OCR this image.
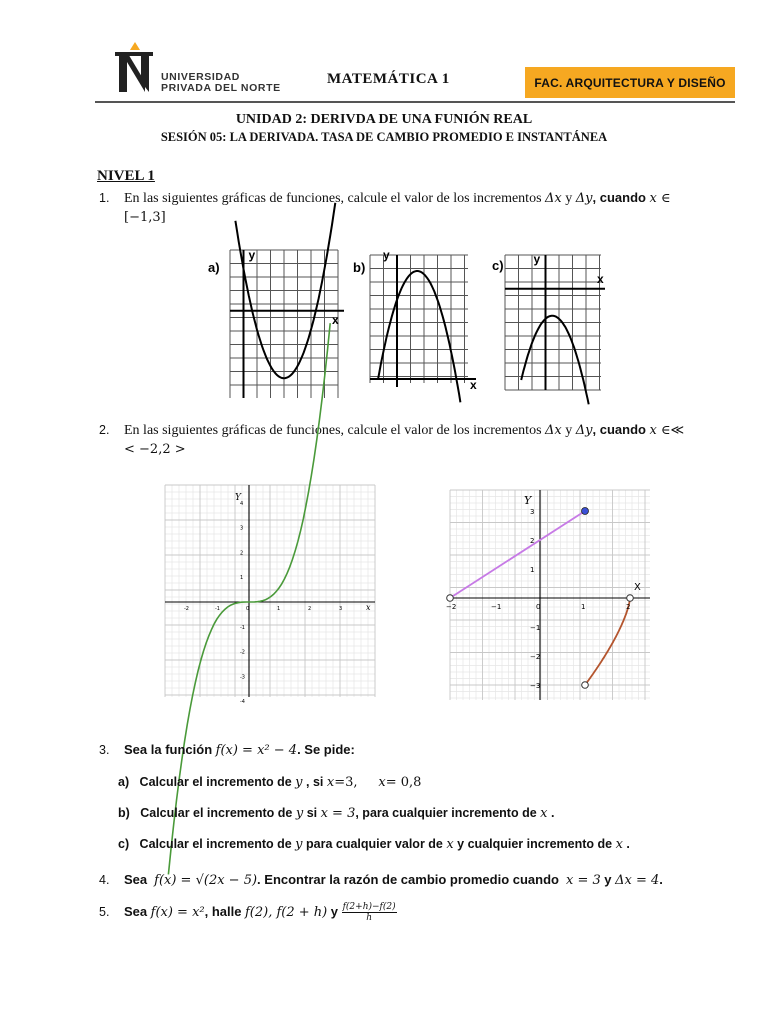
UNIVERSIDAD
PRIVADA DEL NORTE
MATEMÁTICA 1	FAC. ARQUITECTURA Y DISEÑO
UNIDAD 2: DERIVDA DE UNA FUNIÓN REAL
SESIÓN 05: LA DERIVADA. TASA DE CAMBIO PROMEDIO E INSTANTÁNEA
NIVEL 1
1. En las siguientes gráficas de funciones, calcule el valor de los incrementos Δx y Δy, cuando x ∈
[−1,3]
a)
y
x
b)
y
x
c) y
x
2. En las siguientes gráficas de funciones, calcule el valor de los incrementos Δx y Δy, cuando x ∈≪
< −2,2 >
-2	-1	0	1	2	3
4
3
2
1
-1
-2
-3
-4
Y
x	−2	−1	0	1	2
3
2
1
−1
−2
−3
Y
X
3. Sea la función f(x) = x² − 4. Se pide:
a) Calcular el incremento de y , si x=3, x= 0,8
b) Calcular el incremento de y si x = 3, para cualquier incremento de x .
c) Calcular el incremento de y para cualquier valor de x y cualquier incremento de x .
4. Sea f(x) = √(2x − 5). Encontrar la razón de cambio promedio cuando x = 3 y Δx = 4.
5. Sea f(x) = x², halle f(2), f(2 + h) y $\frac{f(2+h)-f(2)}{h}$
